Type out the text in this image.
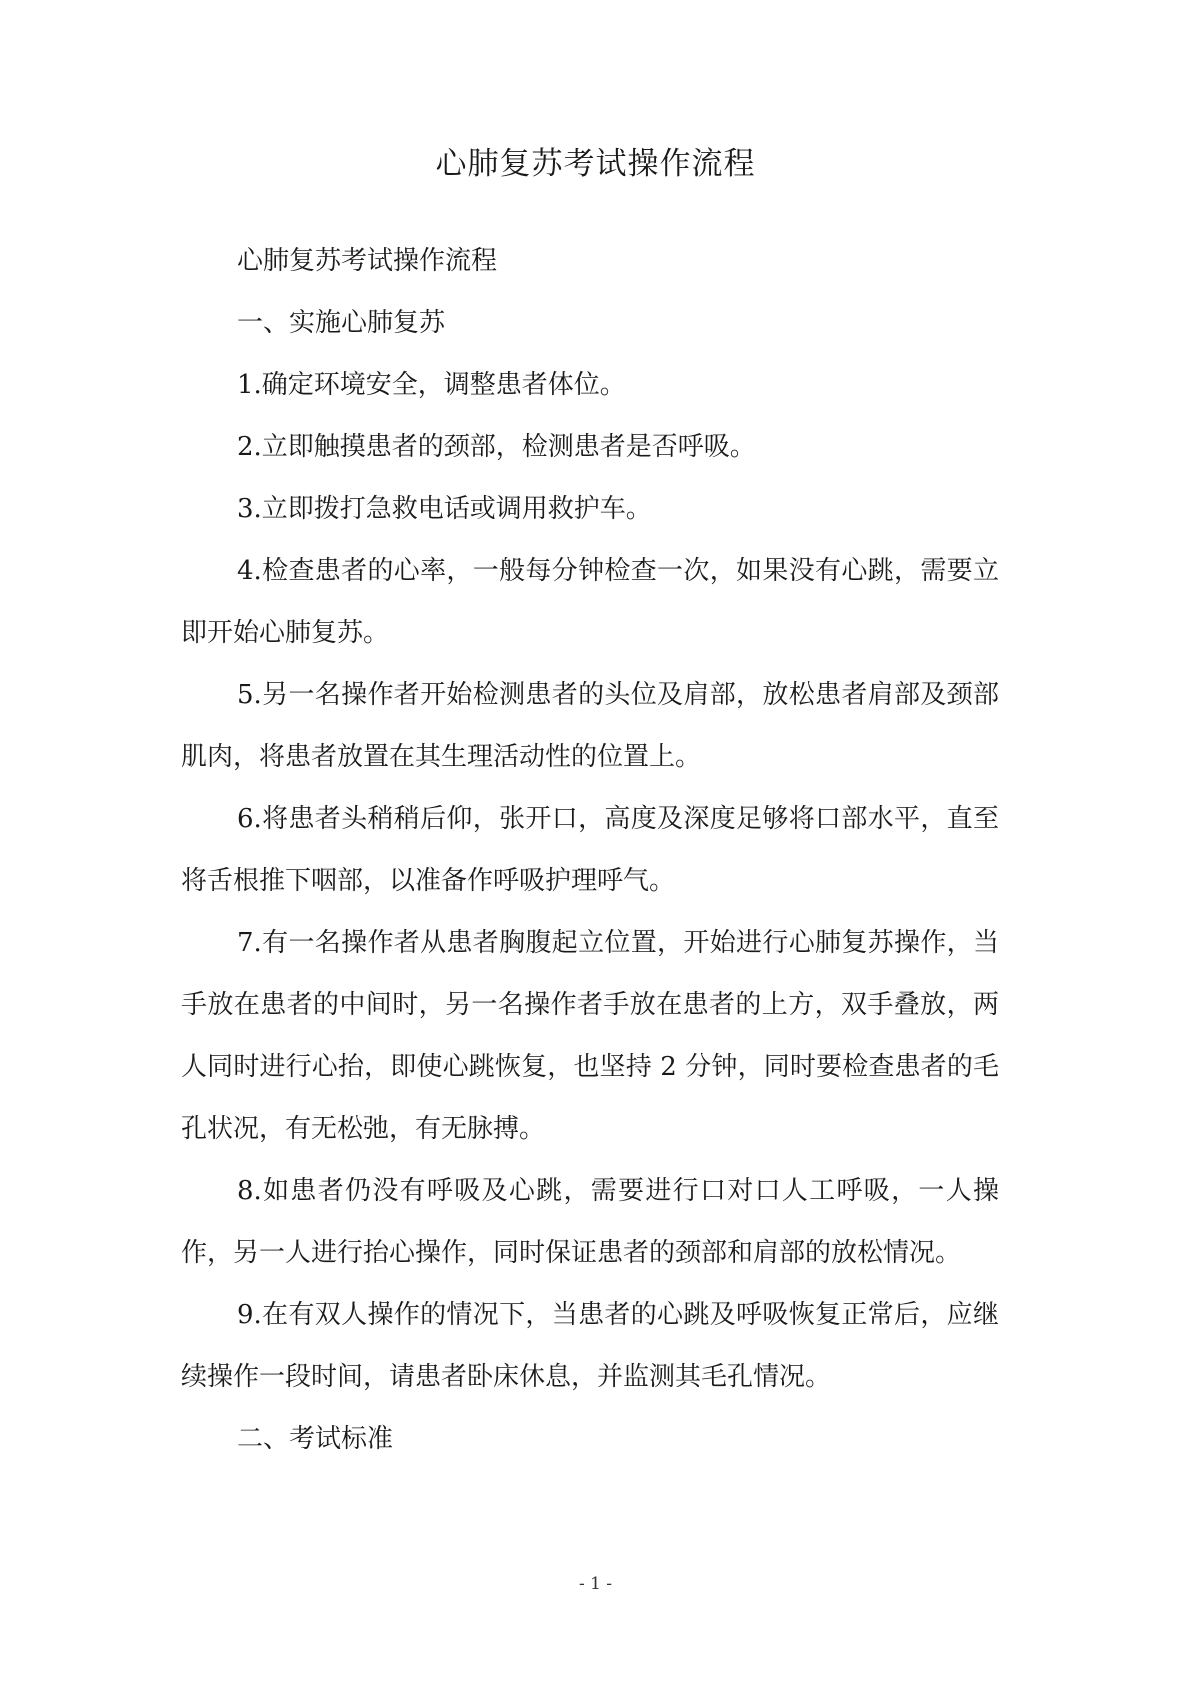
心肺复苏考试操作流程

心肺复苏考试操作流程

一、实施心肺复苏

1.确定环境安全，调整患者体位。

2.立即触摸患者的颈部，检测患者是否呼吸。

3.立即拨打急救电话或调用救护车。

4.检查患者的心率，一般每分钟检查一次，如果没有心跳，需要立即开始心肺复苏。

5.另一名操作者开始检测患者的头位及肩部，放松患者肩部及颈部肌肉，将患者放置在其生理活动性的位置上。

6.将患者头稍稍后仰，张开口，高度及深度足够将口部水平，直至将舌根推下咽部，以准备作呼吸护理呼气。

7.有一名操作者从患者胸腹起立位置，开始进行心肺复苏操作，当手放在患者的中间时，另一名操作者手放在患者的上方，双手叠放，两人同时进行心抬，即使心跳恢复，也坚持 2 分钟，同时要检查患者的毛孔状况，有无松弛，有无脉搏。

8.如患者仍没有呼吸及心跳，需要进行口对口人工呼吸，一人操作，另一人进行抬心操作，同时保证患者的颈部和肩部的放松情况。

9.在有双人操作的情况下，当患者的心跳及呼吸恢复正常后，应继续操作一段时间，请患者卧床休息，并监测其毛孔情况。

二、考试标准

- 1 -
